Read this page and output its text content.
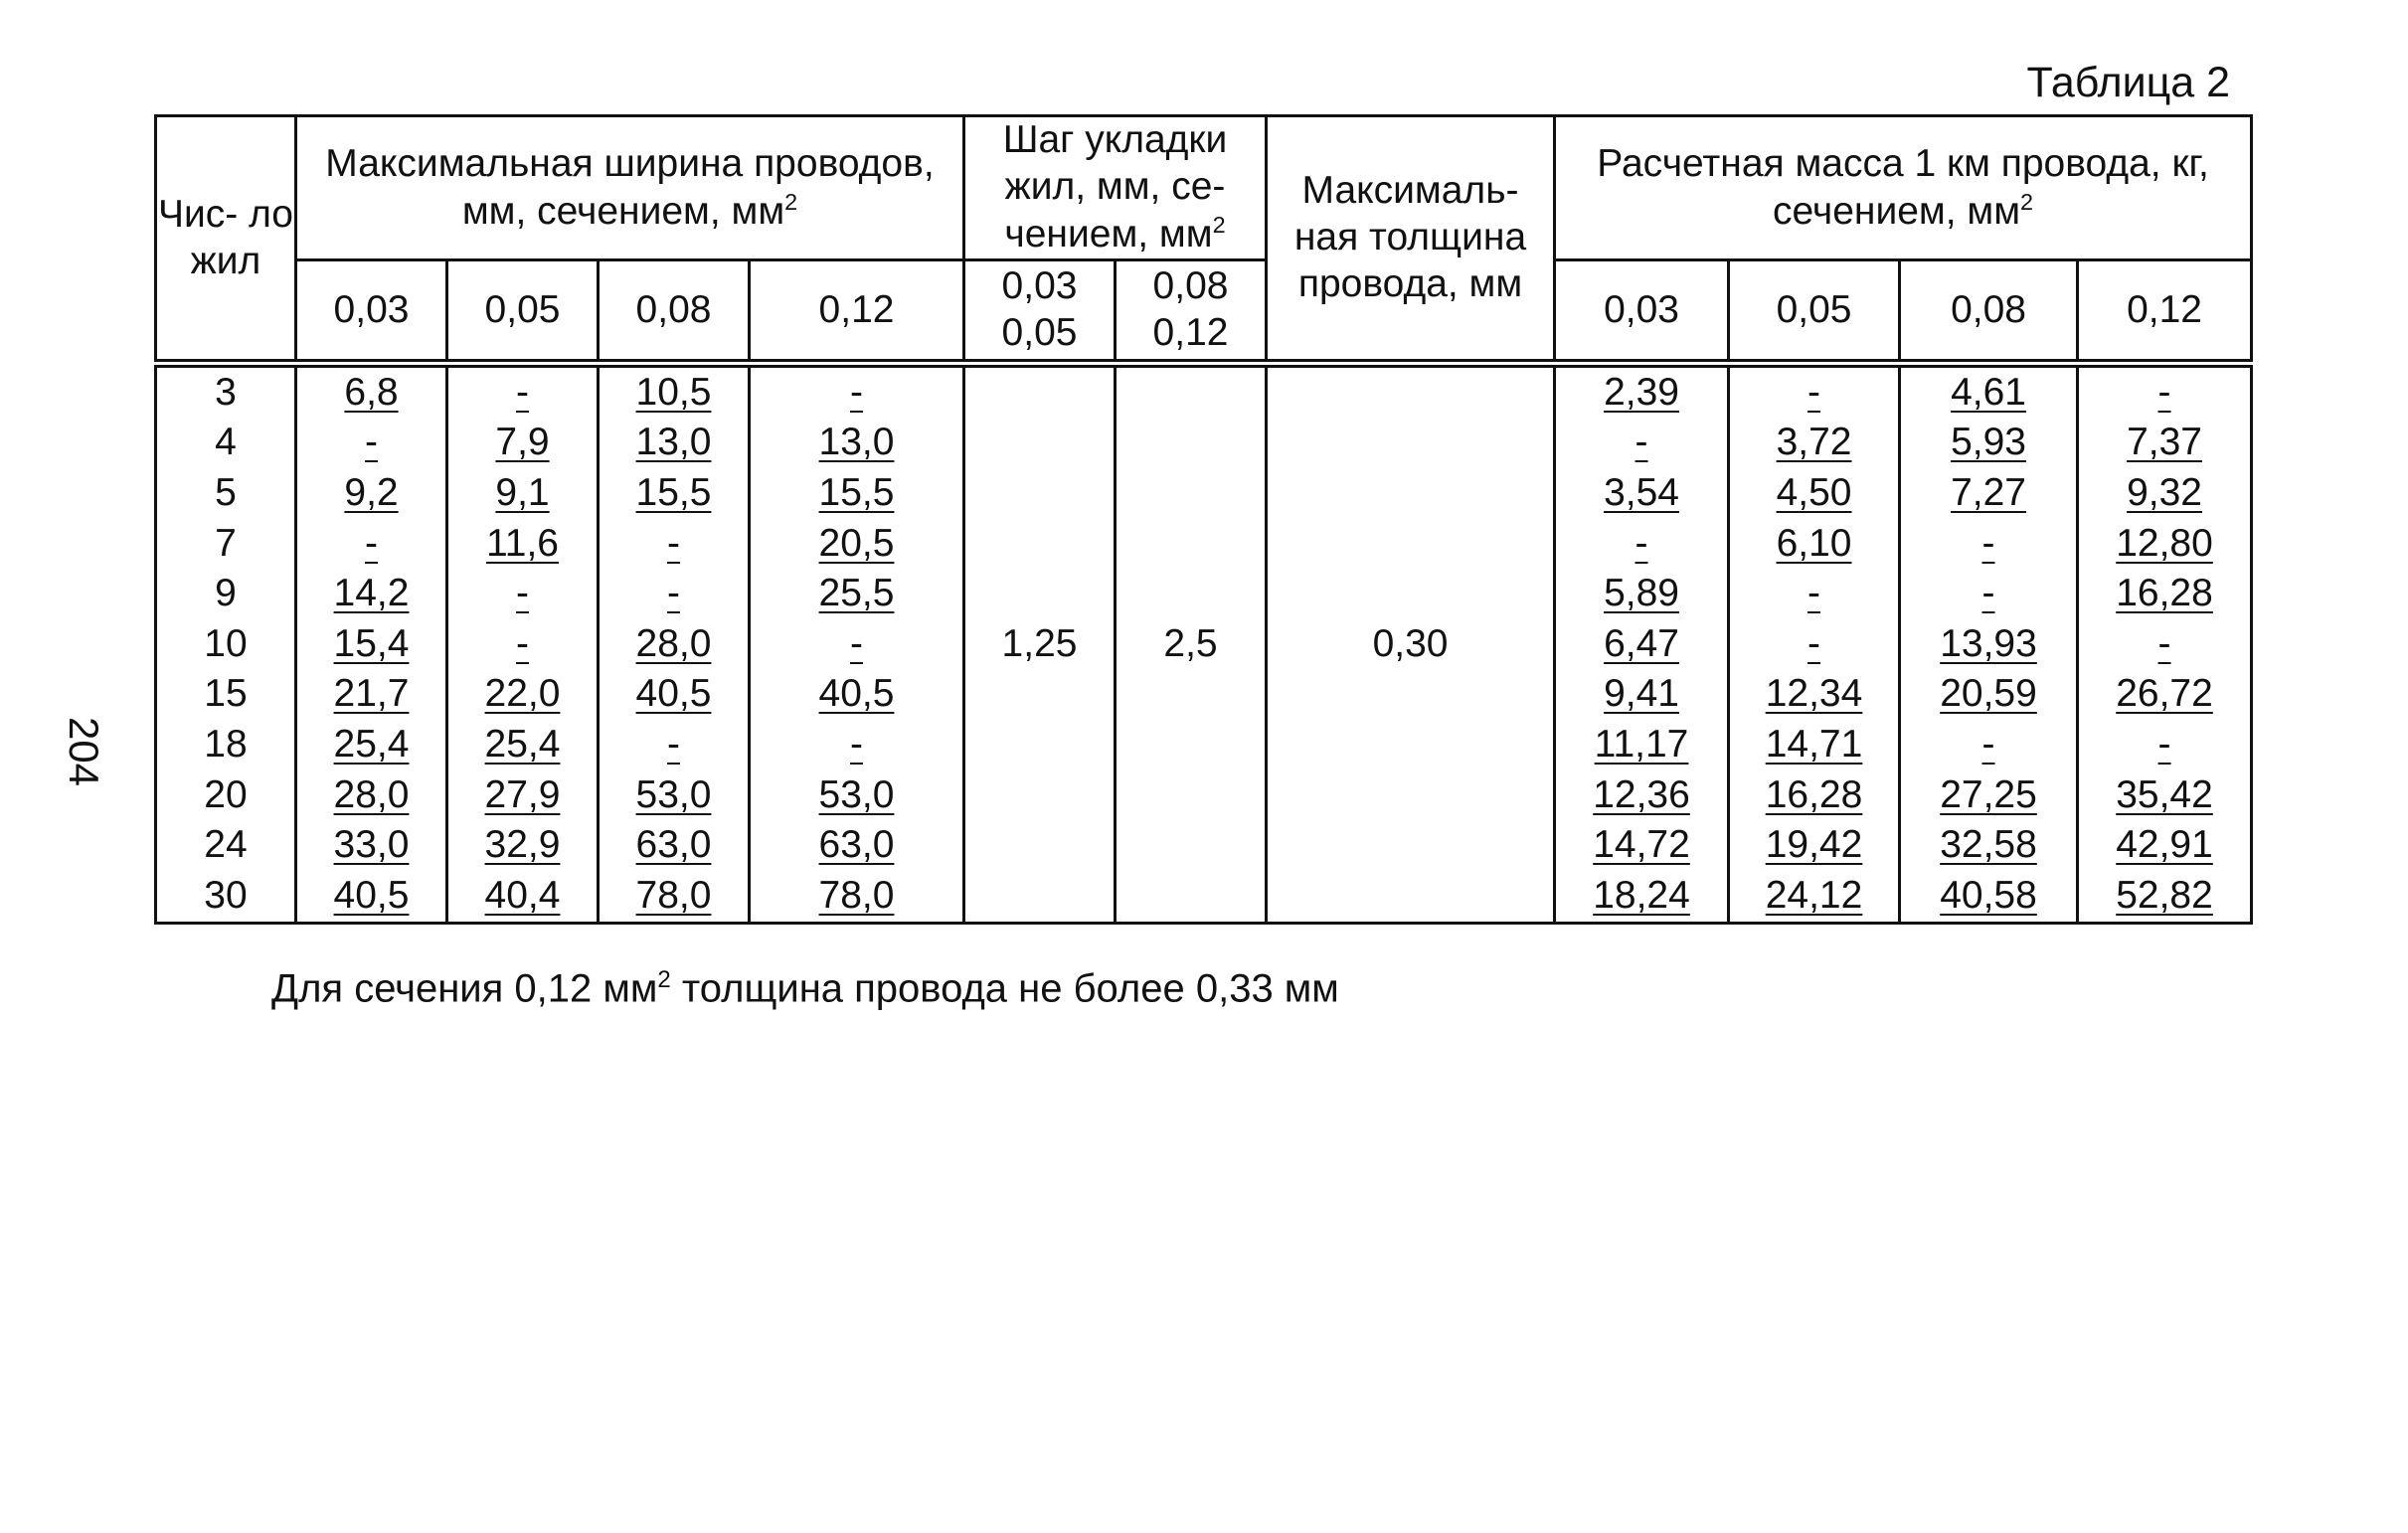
Таблица 2
204
Чис- ло жил	Максимальная ширина проводов, мм, сечением, $мм^2$				Шаг укладки жил, мм, се- чением, $мм^2$		Максималь- ная толщина провода, мм	Расчетная масса 1 км провода, кг, сечением, $мм^2$
	0,03	0,05	0,08	0,12	0,03 0,05	0,08 0,12		0,03	0,05	0,08	0,12
3	6,8	-	10,5	-	1,25	2,5	0,30	2,39	-	4,61	-
4	-	7,9	13,0	13,0				-	3,72	5,93	7,37
5	9,2	9,1	15,5	15,5				3,54	4,50	7,27	9,32
7	-	11,6	-	20,5				-	6,10	-	12,80
9	14,2	-	-	25,5				5,89	-	-	16,28
10	15,4	-	28,0	-				6,47	-	13,93	-
15	21,7	22,0	40,5	40,5				9,41	12,34	20,59	26,72
18	25,4	25,4	-	-				11,17	14,71	-	-
20	28,0	27,9	53,0	53,0				12,36	16,28	27,25	35,42
24	33,0	32,9	63,0	63,0				14,72	19,42	32,58	42,91
30	40,5	40,4	78,0	78,0				18,24	24,12	40,58	52,82
Для сечения 0,12 $мм^2$ толщина провода не более 0,33 мм
